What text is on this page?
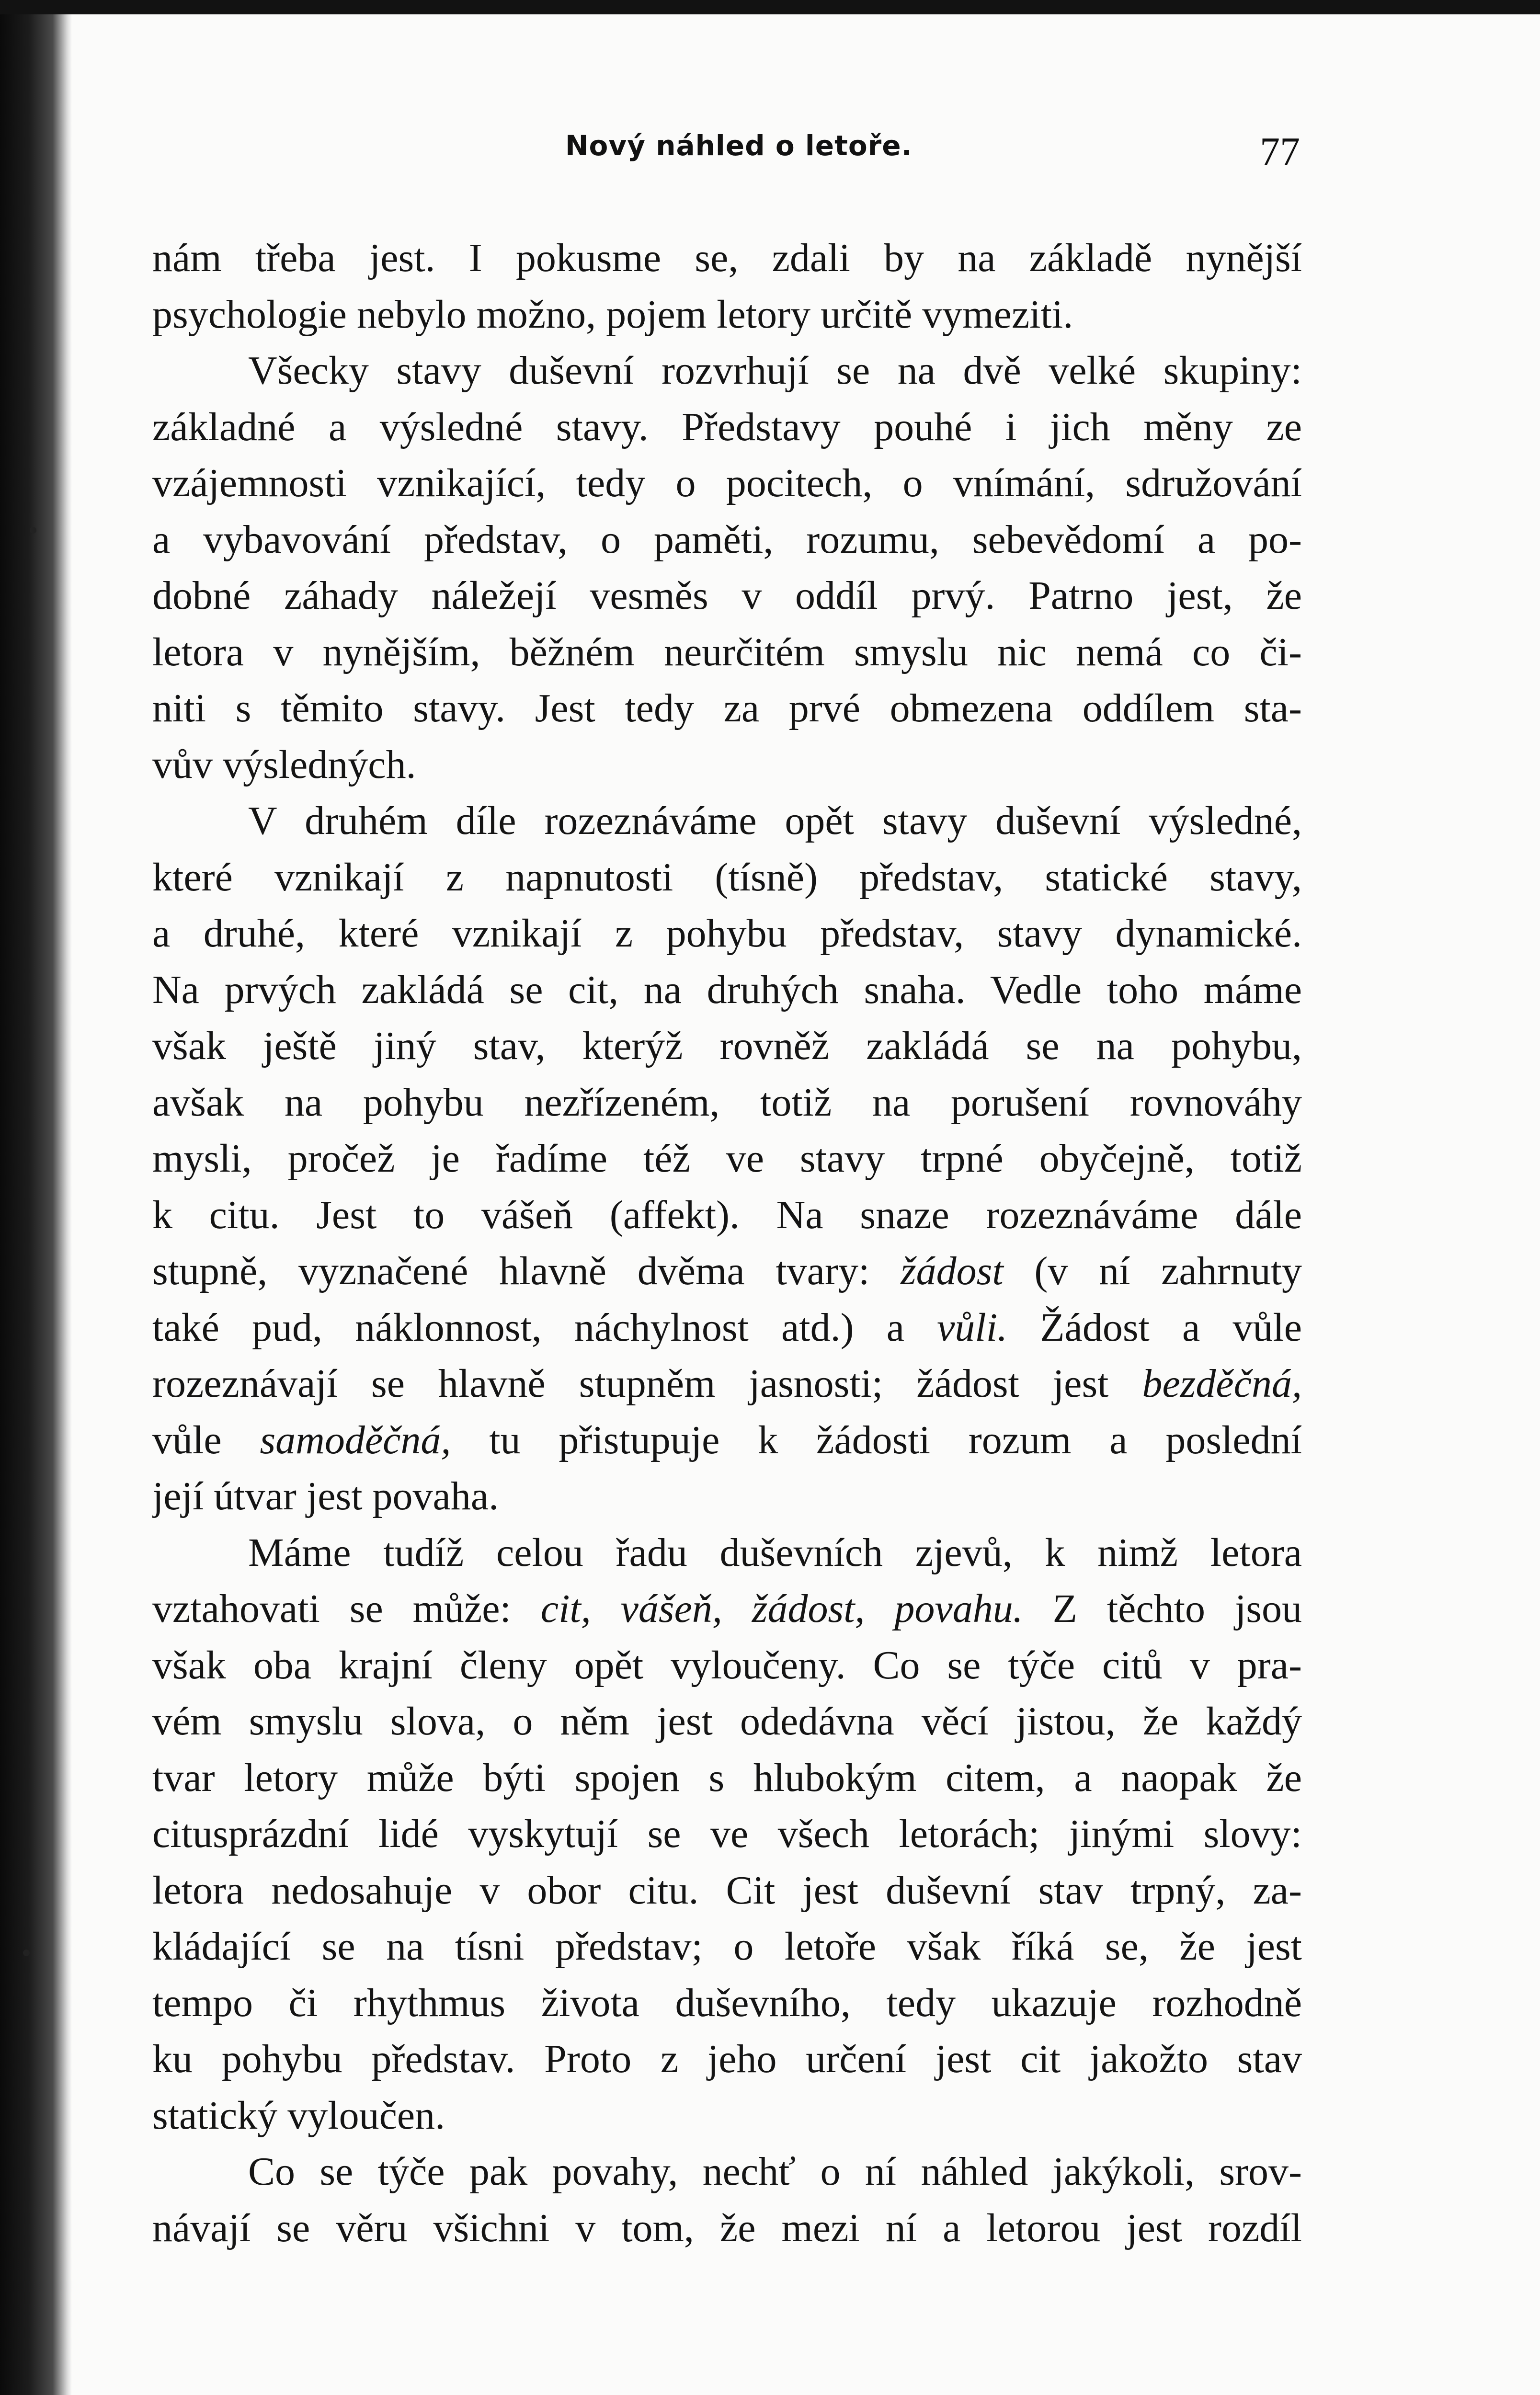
Nový náhled o letoře.	77
nám třeba jest. I pokusme se, zdali by na základě nynější
psychologie nebylo možno, pojem letory určitě vymeziti.
Všecky stavy duševní rozvrhují se na dvě velké skupiny:
základné a výsledné stavy. Představy pouhé i jich měny ze
vzájemnosti vznikající, tedy o pocitech, o vnímání, sdružování
a vybavování představ, o paměti, rozumu, sebevědomí a po-
dobné záhady náležejí vesměs v oddíl prvý. Patrno jest, že
letora v nynějším, běžném neurčitém smyslu nic nemá co či-
niti s těmito stavy. Jest tedy za prvé obmezena oddílem sta-
vův výsledných.
V druhém díle rozeznáváme opět stavy duševní výsledné,
které vznikají z napnutosti (tísně) představ, statické stavy,
a druhé, které vznikají z pohybu představ, stavy dynamické.
Na prvých zakládá se cit, na druhých snaha. Vedle toho máme
však ještě jiný stav, kterýž rovněž zakládá se na pohybu,
avšak na pohybu nezřízeném, totiž na porušení rovnováhy
mysli, pročež je řadíme též ve stavy trpné obyčejně, totiž
k citu. Jest to vášeň (affekt). Na snaze rozeznáváme dále
stupně, vyznačené hlavně dvěma tvary: žádost (v ní zahrnuty
také pud, náklonnost, náchylnost atd.) a vůli. Žádost a vůle
rozeznávají se hlavně stupněm jasnosti; žádost jest bezděčná,
vůle samoděčná, tu přistupuje k žádosti rozum a poslední
její útvar jest povaha.
Máme tudíž celou řadu duševních zjevů, k nimž letora
vztahovati se může: cit, vášeň, žádost, povahu. Z těchto jsou
však oba krajní členy opět vyloučeny. Co se týče citů v pra-
vém smyslu slova, o něm jest odedávna věcí jistou, že každý
tvar letory může býti spojen s hlubokým citem, a naopak že
citusprázdní lidé vyskytují se ve všech letorách; jinými slovy:
letora nedosahuje v obor citu. Cit jest duševní stav trpný, za-
kládající se na tísni představ; o letoře však říká se, že jest
tempo či rhythmus života duševního, tedy ukazuje rozhodně
ku pohybu představ. Proto z jeho určení jest cit jakožto stav
statický vyloučen.
Co se týče pak povahy, nechť o ní náhled jakýkoli, srov-
návají se věru všichni v tom, že mezi ní a letorou jest rozdíl
